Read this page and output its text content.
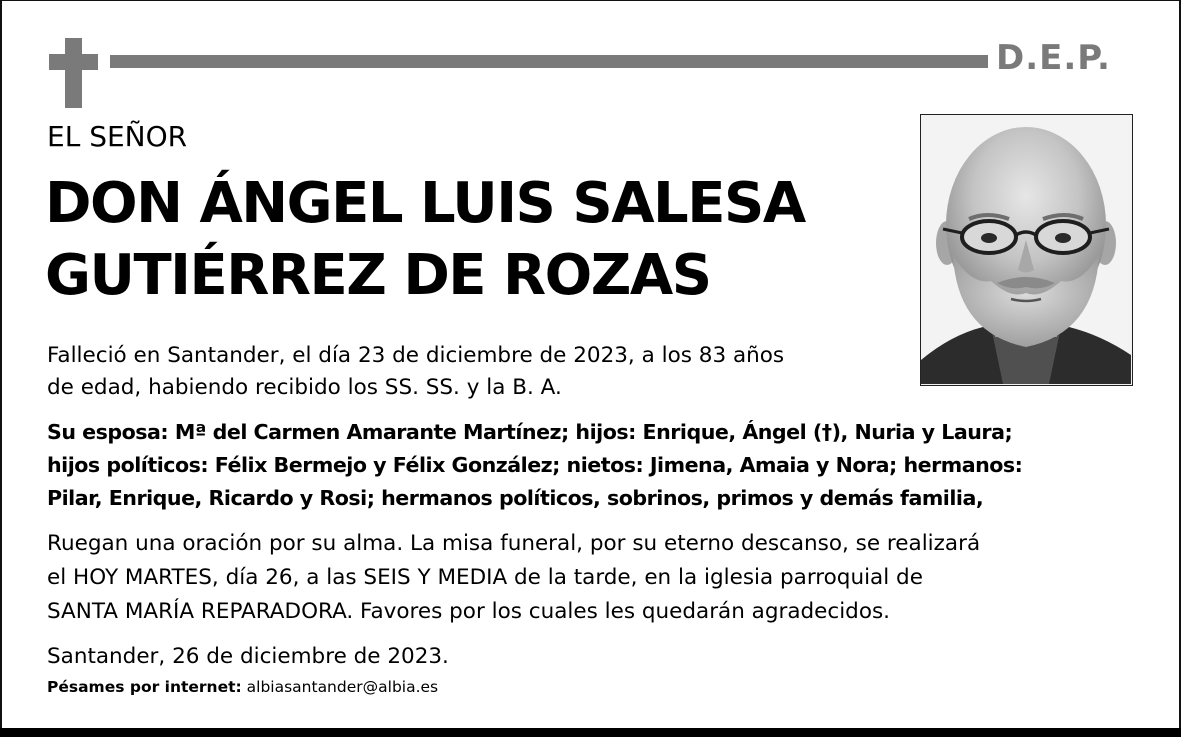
D.E.P.
EL SEÑOR
DON ÁNGEL LUIS SALESA
GUTIÉRREZ DE ROZAS
Falleció en Santander, el día 23 de diciembre de 2023, a los 83 años
de edad, habiendo recibido los SS. SS. y la B. A.
Su esposa: Mª del Carmen Amarante Martínez; hijos: Enrique, Ángel (†), Nuria y Laura;
hijos políticos: Félix Bermejo y Félix González; nietos: Jimena, Amaia y Nora; hermanos:
Pilar, Enrique, Ricardo y Rosi; hermanos políticos, sobrinos, primos y demás familia,
Ruegan una oración por su alma. La misa funeral, por su eterno descanso, se realizará
el HOY MARTES, día 26, a las SEIS Y MEDIA de la tarde, en la iglesia parroquial de
SANTA MARÍA REPARADORA. Favores por los cuales les quedarán agradecidos.
Santander, 26 de diciembre de 2023.
Pésames por internet: albiasantander@albia.es
